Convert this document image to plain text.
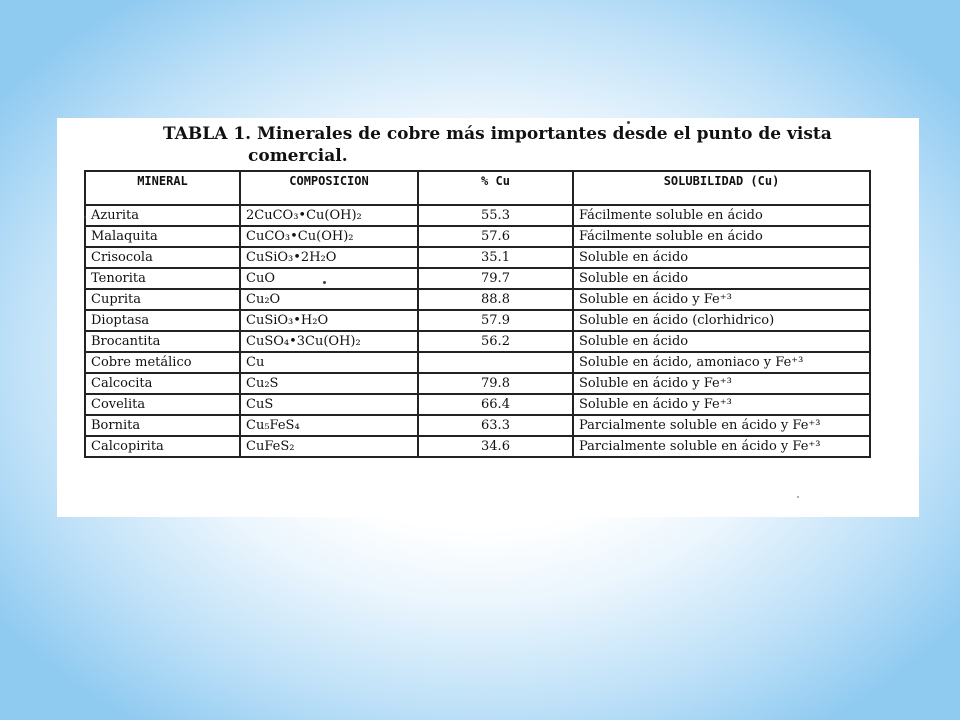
TABLA 1. Minerales de cobre más importantes desde el punto de vista
comercial.
MINERAL	COMPOSICION	% Cu	SOLUBILIDAD (Cu)
Azurita	2CuCO₃•Cu(OH)₂	55.3	Fácilmente soluble en ácido
Malaquita	CuCO₃•Cu(OH)₂	57.6	Fácilmente soluble en ácido
Crisocola	CuSiO₃•2H₂O	35.1	Soluble en ácido
Tenorita	CuO	79.7	Soluble en ácido
Cuprita	Cu₂O	88.8	Soluble en ácido y Fe⁺³
Dioptasa	CuSiO₃•H₂O	57.9	Soluble en ácido (clorhidrico)
Brocantita	CuSO₄•3Cu(OH)₂	56.2	Soluble en ácido
Cobre metálico	Cu		Soluble en ácido, amoniaco y Fe⁺³
Calcocita	Cu₂S	79.8	Soluble en ácido y Fe⁺³
Covelita	CuS	66.4	Soluble en ácido y Fe⁺³
Bornita	Cu₅FeS₄	63.3	Parcialmente soluble en ácido y Fe⁺³
Calcopirita	CuFeS₂	34.6	Parcialmente soluble en ácido y Fe⁺³
